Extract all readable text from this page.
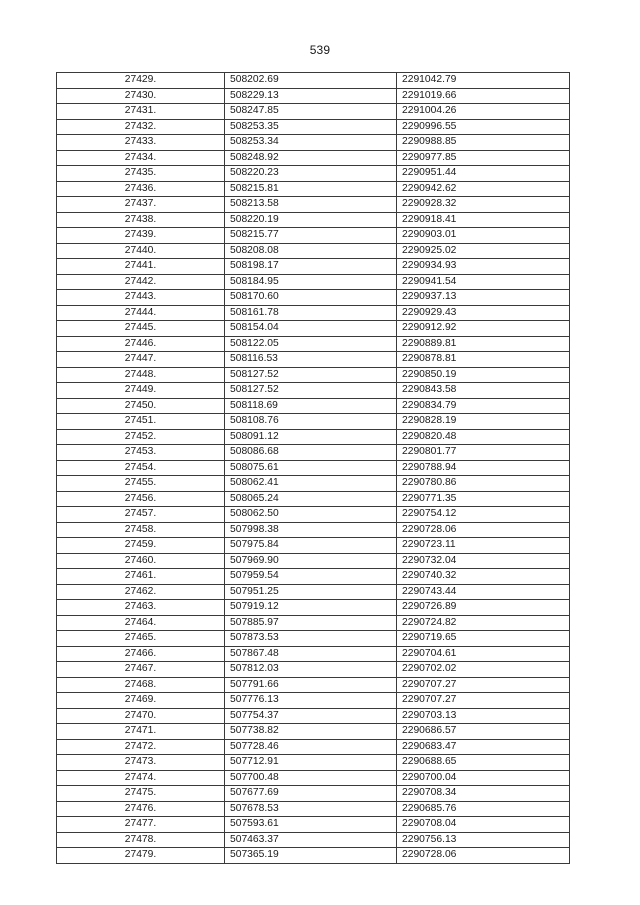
539
27429.	508202.69	2291042.79
27430.	508229.13	2291019.66
27431.	508247.85	2291004.26
27432.	508253.35	2290996.55
27433.	508253.34	2290988.85
27434.	508248.92	2290977.85
27435.	508220.23	2290951.44
27436.	508215.81	2290942.62
27437.	508213.58	2290928.32
27438.	508220.19	2290918.41
27439.	508215.77	2290903.01
27440.	508208.08	2290925.02
27441.	508198.17	2290934.93
27442.	508184.95	2290941.54
27443.	508170.60	2290937.13
27444.	508161.78	2290929.43
27445.	508154.04	2290912.92
27446.	508122.05	2290889.81
27447.	508116.53	2290878.81
27448.	508127.52	2290850.19
27449.	508127.52	2290843.58
27450.	508118.69	2290834.79
27451.	508108.76	2290828.19
27452.	508091.12	2290820.48
27453.	508086.68	2290801.77
27454.	508075.61	2290788.94
27455.	508062.41	2290780.86
27456.	508065.24	2290771.35
27457.	508062.50	2290754.12
27458.	507998.38	2290728.06
27459.	507975.84	2290723.11
27460.	507969.90	2290732.04
27461.	507959.54	2290740.32
27462.	507951.25	2290743.44
27463.	507919.12	2290726.89
27464.	507885.97	2290724.82
27465.	507873.53	2290719.65
27466.	507867.48	2290704.61
27467.	507812.03	2290702.02
27468.	507791.66	2290707.27
27469.	507776.13	2290707.27
27470.	507754.37	2290703.13
27471.	507738.82	2290686.57
27472.	507728.46	2290683.47
27473.	507712.91	2290688.65
27474.	507700.48	2290700.04
27475.	507677.69	2290708.34
27476.	507678.53	2290685.76
27477.	507593.61	2290708.04
27478.	507463.37	2290756.13
27479.	507365.19	2290728.06
